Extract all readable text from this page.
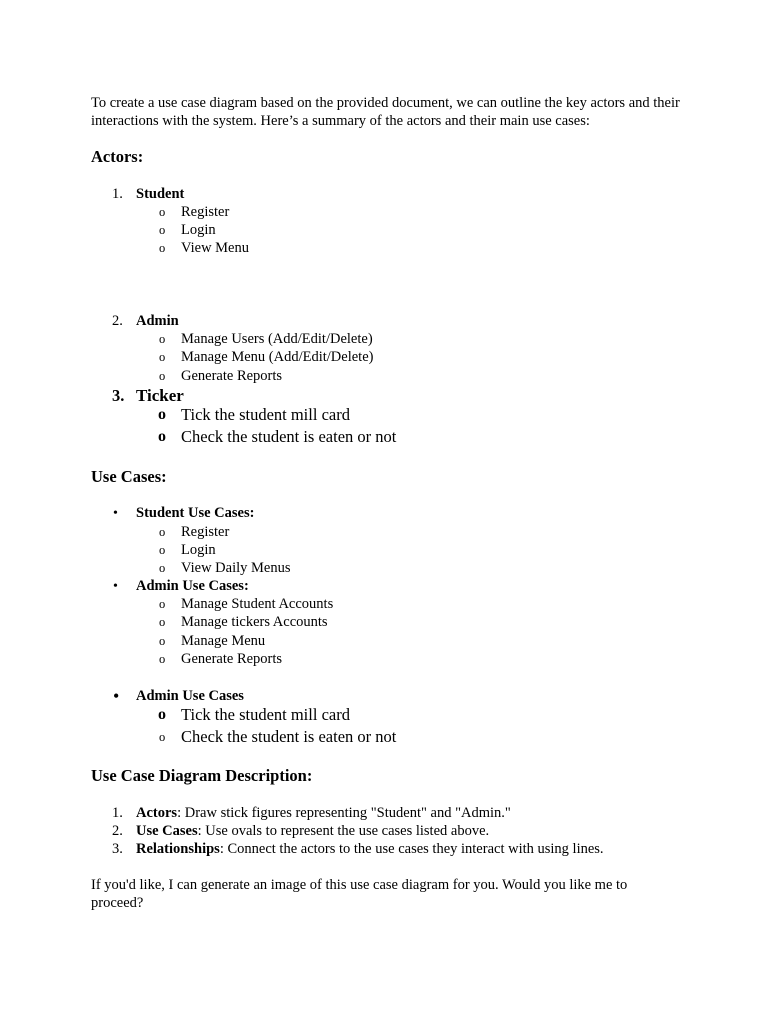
To create a use case diagram based on the provided document, we can outline the key actors and their interactions with the system. Here’s a summary of the actors and their main use cases:
Actors:
1. Student
o Register
o Login
o View Menu
2. Admin
o Manage Users (Add/Edit/Delete)
o Manage Menu (Add/Edit/Delete)
o Generate Reports
3. Ticker
o Tick the student mill card
o Check the student is eaten or not
Use Cases:
• Student Use Cases:
o Register
o Login
o View Daily Menus
• Admin Use Cases:
o Manage Student Accounts
o Manage tickers Accounts
o Manage Menu
o Generate Reports
• Admin Use Cases
o Tick the student mill card
o Check the student is eaten or not
Use Case Diagram Description:
1. Actors: Draw stick figures representing "Student" and "Admin."
2. Use Cases: Use ovals to represent the use cases listed above.
3. Relationships: Connect the actors to the use cases they interact with using lines.
If you'd like, I can generate an image of this use case diagram for you. Would you like me to proceed?
